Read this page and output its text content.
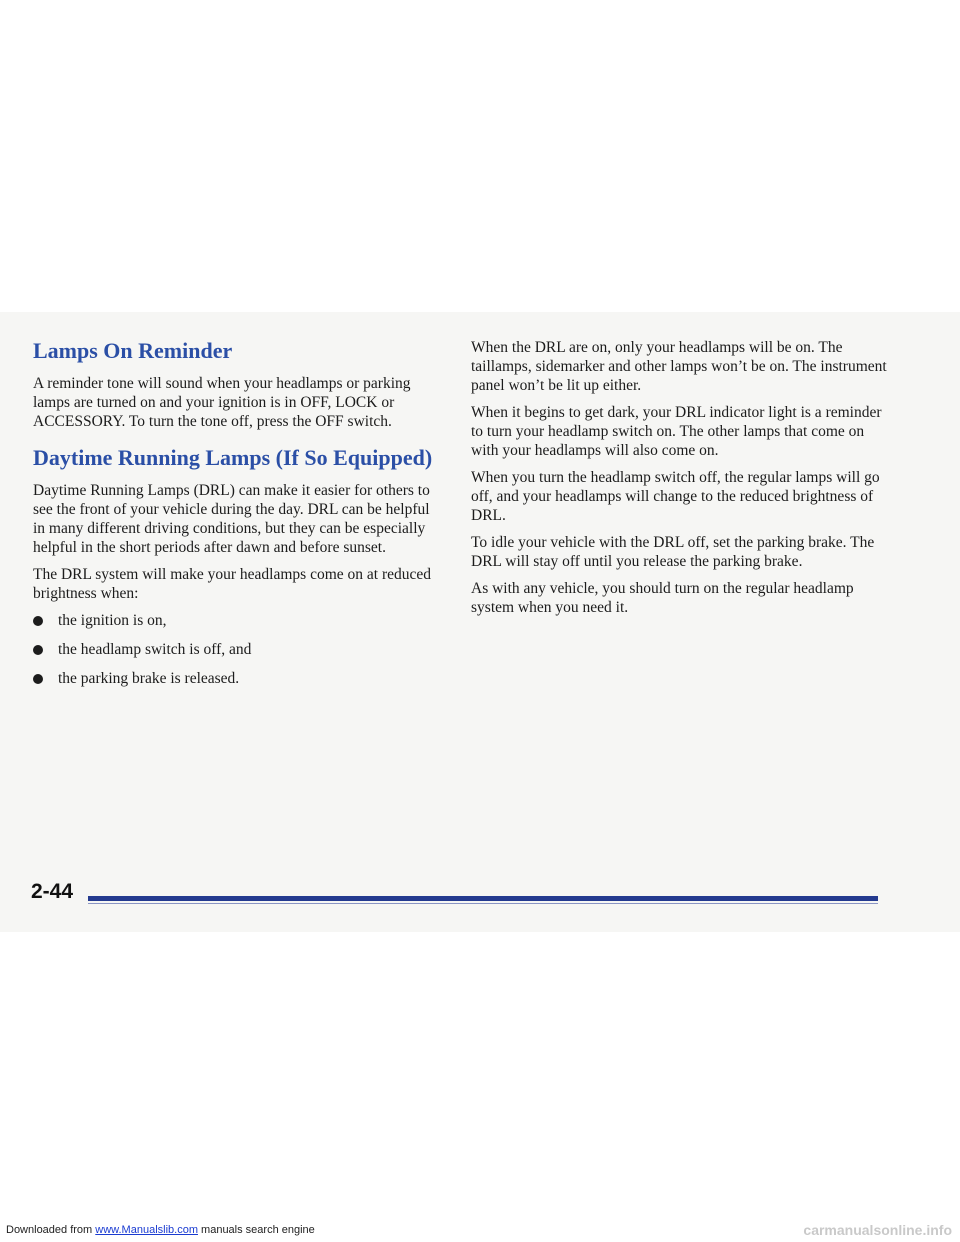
Lamps On Reminder

A reminder tone will sound when your headlamps or parking lamps are turned on and your ignition is in OFF, LOCK or ACCESSORY. To turn the tone off, press the OFF switch.

Daytime Running Lamps (If So Equipped)

Daytime Running Lamps (DRL) can make it easier for others to see the front of your vehicle during the day. DRL can be helpful in many different driving conditions, but they can be especially helpful in the short periods after dawn and before sunset.

The DRL system will make your headlamps come on at reduced brightness when:

the ignition is on,
the headlamp switch is off, and
the parking brake is released.

When the DRL are on, only your headlamps will be on. The taillamps, sidemarker and other lamps won’t be on. The instrument panel won’t be lit up either.

When it begins to get dark, your DRL indicator light is a reminder to turn your headlamp switch on. The other lamps that come on with your headlamps will also come on.

When you turn the headlamp switch off, the regular lamps will go off, and your headlamps will change to the reduced brightness of DRL.

To idle your vehicle with the DRL off, set the parking brake. The DRL will stay off until you release the parking brake.

As with any vehicle, you should turn on the regular headlamp system when you need it.

2-44
Downloaded from www.Manualslib.com manuals search engine	carmanualsonline.info
